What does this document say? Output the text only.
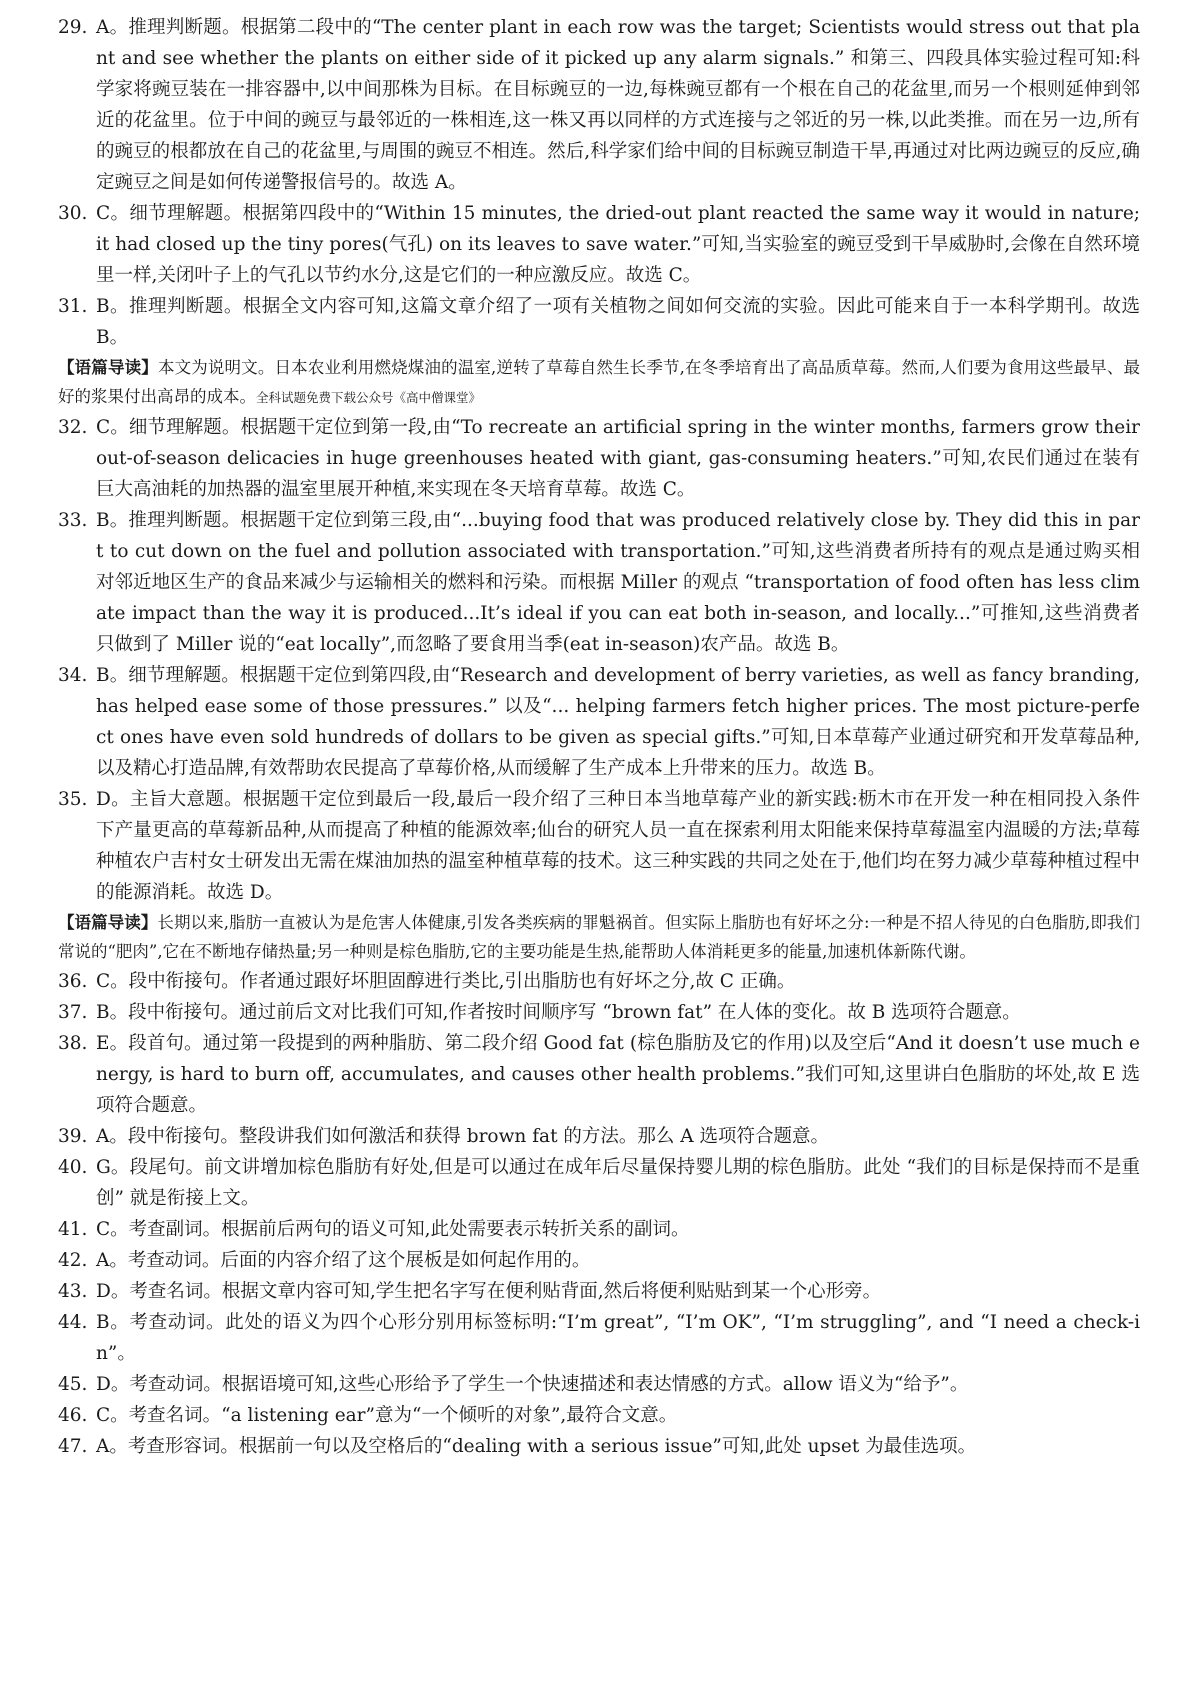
29. A。推理判断题。根据第二段中的“The center plant in each row was the target; Scientists would stress out that plant and see whether the plants on either side of it picked up any alarm signals.” 和第三、四段具体实验过程可知:科学家将豌豆装在一排容器中,以中间那株为目标。在目标豌豆的一边,每株豌豆都有一个根在自己的花盆里,而另一个根则延伸到邻近的花盆里。位于中间的豌豆与最邻近的一株相连,这一株又再以同样的方式连接与之邻近的另一株,以此类推。而在另一边,所有的豌豆的根都放在自己的花盆里,与周围的豌豆不相连。然后,科学家们给中间的目标豌豆制造干旱,再通过对比两边豌豆的反应,确定豌豆之间是如何传递警报信号的。故选 A。
30. C。细节理解题。根据第四段中的“Within 15 minutes, the dried-out plant reacted the same way it would in nature; it had closed up the tiny pores(气孔) on its leaves to save water.”可知,当实验室的豌豆受到干旱威胁时,会像在自然环境里一样,关闭叶子上的气孔以节约水分,这是它们的一种应激反应。故选 C。
31. B。推理判断题。根据全文内容可知,这篇文章介绍了一项有关植物之间如何交流的实验。因此可能来自于一本科学期刊。故选 B。
【语篇导读】本文为说明文。日本农业利用燃烧煤油的温室,逆转了草莓自然生长季节,在冬季培育出了高品质草莓。然而,人们要为食用这些最早、最好的浆果付出高昂的成本。全科试题免费下载公众号《高中僧课堂》
32. C。细节理解题。根据题干定位到第一段,由“To recreate an artificial spring in the winter months, farmers grow their out-of-season delicacies in huge greenhouses heated with giant, gas-consuming heaters.”可知,农民们通过在装有巨大高油耗的加热器的温室里展开种植,来实现在冬天培育草莓。故选 C。
33. B。推理判断题。根据题干定位到第三段,由“...buying food that was produced relatively close by. They did this in part to cut down on the fuel and pollution associated with transportation.”可知,这些消费者所持有的观点是通过购买相对邻近地区生产的食品来减少与运输相关的燃料和污染。而根据 Miller 的观点 “transportation of food often has less climate impact than the way it is produced...It’s ideal if you can eat both in-season, and locally...”可推知,这些消费者只做到了 Miller 说的“eat locally”,而忽略了要食用当季(eat in-season)农产品。故选 B。
34. B。细节理解题。根据题干定位到第四段,由“Research and development of berry varieties, as well as fancy branding, has helped ease some of those pressures.” 以及“... helping farmers fetch higher prices. The most picture-perfect ones have even sold hundreds of dollars to be given as special gifts.”可知,日本草莓产业通过研究和开发草莓品种,以及精心打造品牌,有效帮助农民提高了草莓价格,从而缓解了生产成本上升带来的压力。故选 B。
35. D。主旨大意题。根据题干定位到最后一段,最后一段介绍了三种日本当地草莓产业的新实践:枥木市在开发一种在相同投入条件下产量更高的草莓新品种,从而提高了种植的能源效率;仙台的研究人员一直在探索利用太阳能来保持草莓温室内温暖的方法;草莓种植农户吉村女士研发出无需在煤油加热的温室种植草莓的技术。这三种实践的共同之处在于,他们均在努力减少草莓种植过程中的能源消耗。故选 D。
【语篇导读】长期以来,脂肪一直被认为是危害人体健康,引发各类疾病的罪魁祸首。但实际上脂肪也有好坏之分:一种是不招人待见的白色脂肪,即我们常说的“肥肉”,它在不断地存储热量;另一种则是棕色脂肪,它的主要功能是生热,能帮助人体消耗更多的能量,加速机体新陈代谢。
36. C。段中衔接句。作者通过跟好坏胆固醇进行类比,引出脂肪也有好坏之分,故 C 正确。
37. B。段中衔接句。通过前后文对比我们可知,作者按时间顺序写 “brown fat” 在人体的变化。故 B 选项符合题意。
38. E。段首句。通过第一段提到的两种脂肪、第二段介绍 Good fat (棕色脂肪及它的作用)以及空后“And it doesn’t use much energy, is hard to burn off, accumulates, and causes other health problems.”我们可知,这里讲白色脂肪的坏处,故 E 选项符合题意。
39. A。段中衔接句。整段讲我们如何激活和获得 brown fat 的方法。那么 A 选项符合题意。
40. G。段尾句。前文讲增加棕色脂肪有好处,但是可以通过在成年后尽量保持婴儿期的棕色脂肪。此处 “我们的目标是保持而不是重创” 就是衔接上文。
41. C。考查副词。根据前后两句的语义可知,此处需要表示转折关系的副词。
42. A。考查动词。后面的内容介绍了这个展板是如何起作用的。
43. D。考查名词。根据文章内容可知,学生把名字写在便利贴背面,然后将便利贴贴到某一个心形旁。
44. B。考查动词。此处的语义为四个心形分别用标签标明:“I’m great”, “I’m OK”, “I’m struggling”, and “I need a check-in”。
45. D。考查动词。根据语境可知,这些心形给予了学生一个快速描述和表达情感的方式。allow 语义为“给予”。
46. C。考查名词。“a listening ear”意为“一个倾听的对象”,最符合文意。
47. A。考查形容词。根据前一句以及空格后的“dealing with a serious issue”可知,此处 upset 为最佳选项。
